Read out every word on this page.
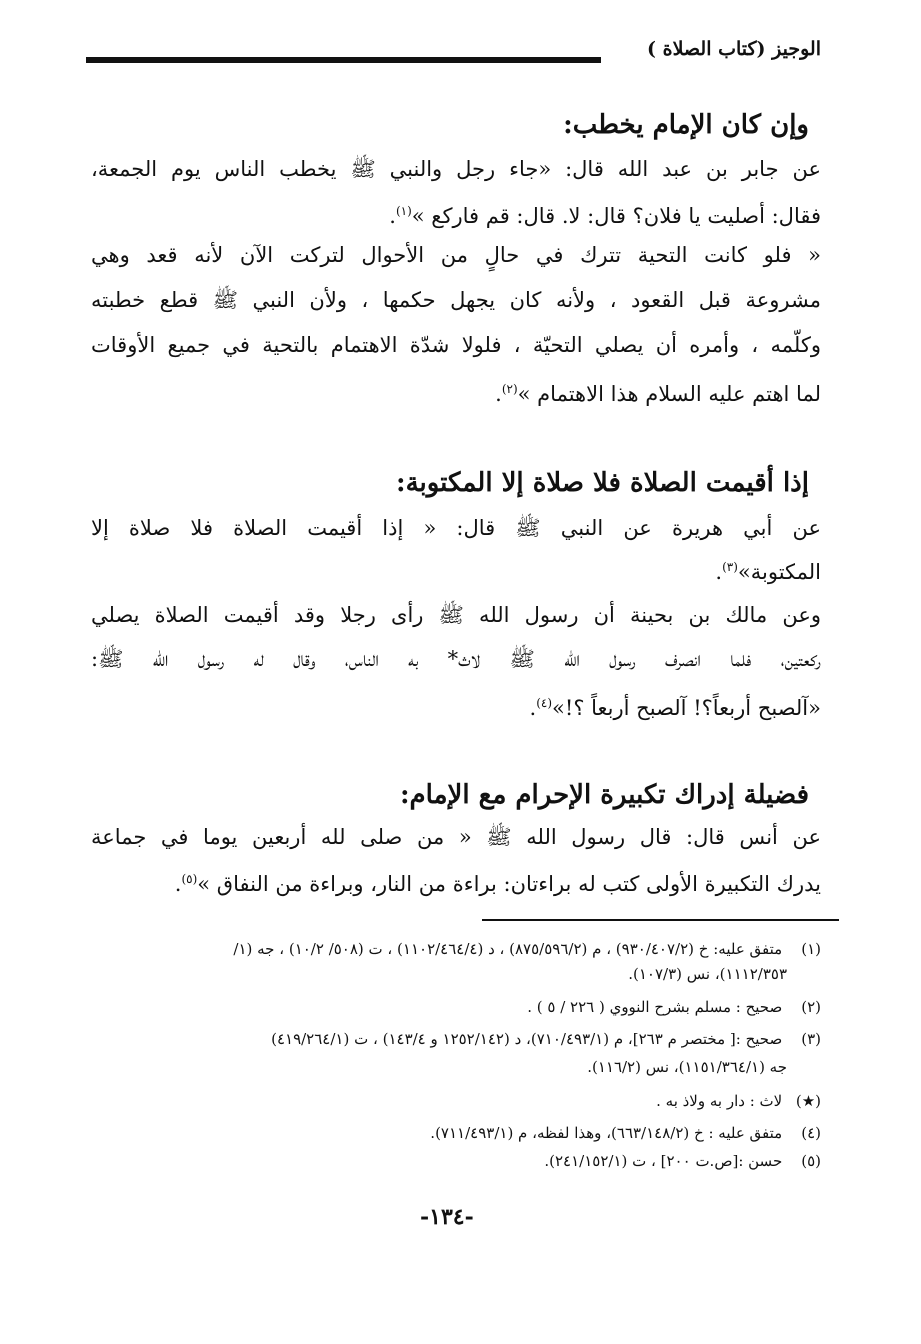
الوجيز (كتاب الصلاة )
وإن كان الإمام يخطب:

عن جابر بن عبد الله قال: «جاء رجل والنبي ﷺ يخطب الناس يوم الجمعة،

فقال: أصليت يا فلان؟ قال: لا. قال: قم فاركع »$^{(١)}$.

« فلو كانت التحية تترك في حالٍ من الأحوال لتركت الآن لأنه قعد وهي

مشروعة قبل القعود ، ولأنه كان يجهل حكمها ، ولأن النبي ﷺ قطع خطبته

وكلّمه ، وأمره أن يصلي التحيّة ، فلولا شدّة الاهتمام بالتحية في جميع الأوقات

لما اهتم عليه السلام هذا الاهتمام »$^{(٢)}$.

إذا أقيمت الصلاة فلا صلاة إلا المكتوبة:

عن أبي هريرة عن النبي ﷺ قال: « إذا أقيمت الصلاة فلا صلاة إلا

المكتوبة»$^{(٣)}$.

وعن مالك بن بحينة أن رسول الله ﷺ رأى رجلا وقد أقيمت الصلاة يصلي

ركعتين، فلما انصرف رسول الله ﷺ لاث* به الناس، وقال له رسول الله ﷺ:

«آلصبح أربعاً؟! آلصبح أربعاً ؟!»$^{(٤)}$.

فضيلة إدراك تكبيرة الإحرام مع الإمام:

عن أنس قال: قال رسول الله ﷺ « من صلى لله أربعين يوما في جماعة

يدرك التكبيرة الأولى كتب له براءتان: براءة من النار، وبراءة من النفاق »$^{(٥)}$.

(١) متفق عليه: خ (٩٣٠/٤٠٧/٢) ، م (٨٧٥/٥٩٦/٢) ، د (١١٠٢/٤٦٤/٤) ، ت (٥٠٨/ ١٠/٢) ، جه (١/
١١١٢/٣٥٣)، نس (١٠٧/٣).
(٢) صحيح : مسلم بشرح النووي ( ٢٢٦ / ٥ ) .
(٣) صحيح :[ مختصر م ٢٦٣]، م (٧١٠/٤٩٣/١)، د (١٢٥٢/١٤٢ و ١٤٣/٤) ، ت (٤١٩/٢٦٤/١)
جه (١١٥١/٣٦٤/١)، نس (١١٦/٢).
(★) لاث : دار به ولاذ به .
(٤) متفق عليه : خ (٦٦٣/١٤٨/٢)، وهذا لفظه، م (٧١١/٤٩٣/١).
(٥) حسن :[ص.ت ٢٠٠] ، ت (٢٤١/١٥٢/١).
-١٣٤-
